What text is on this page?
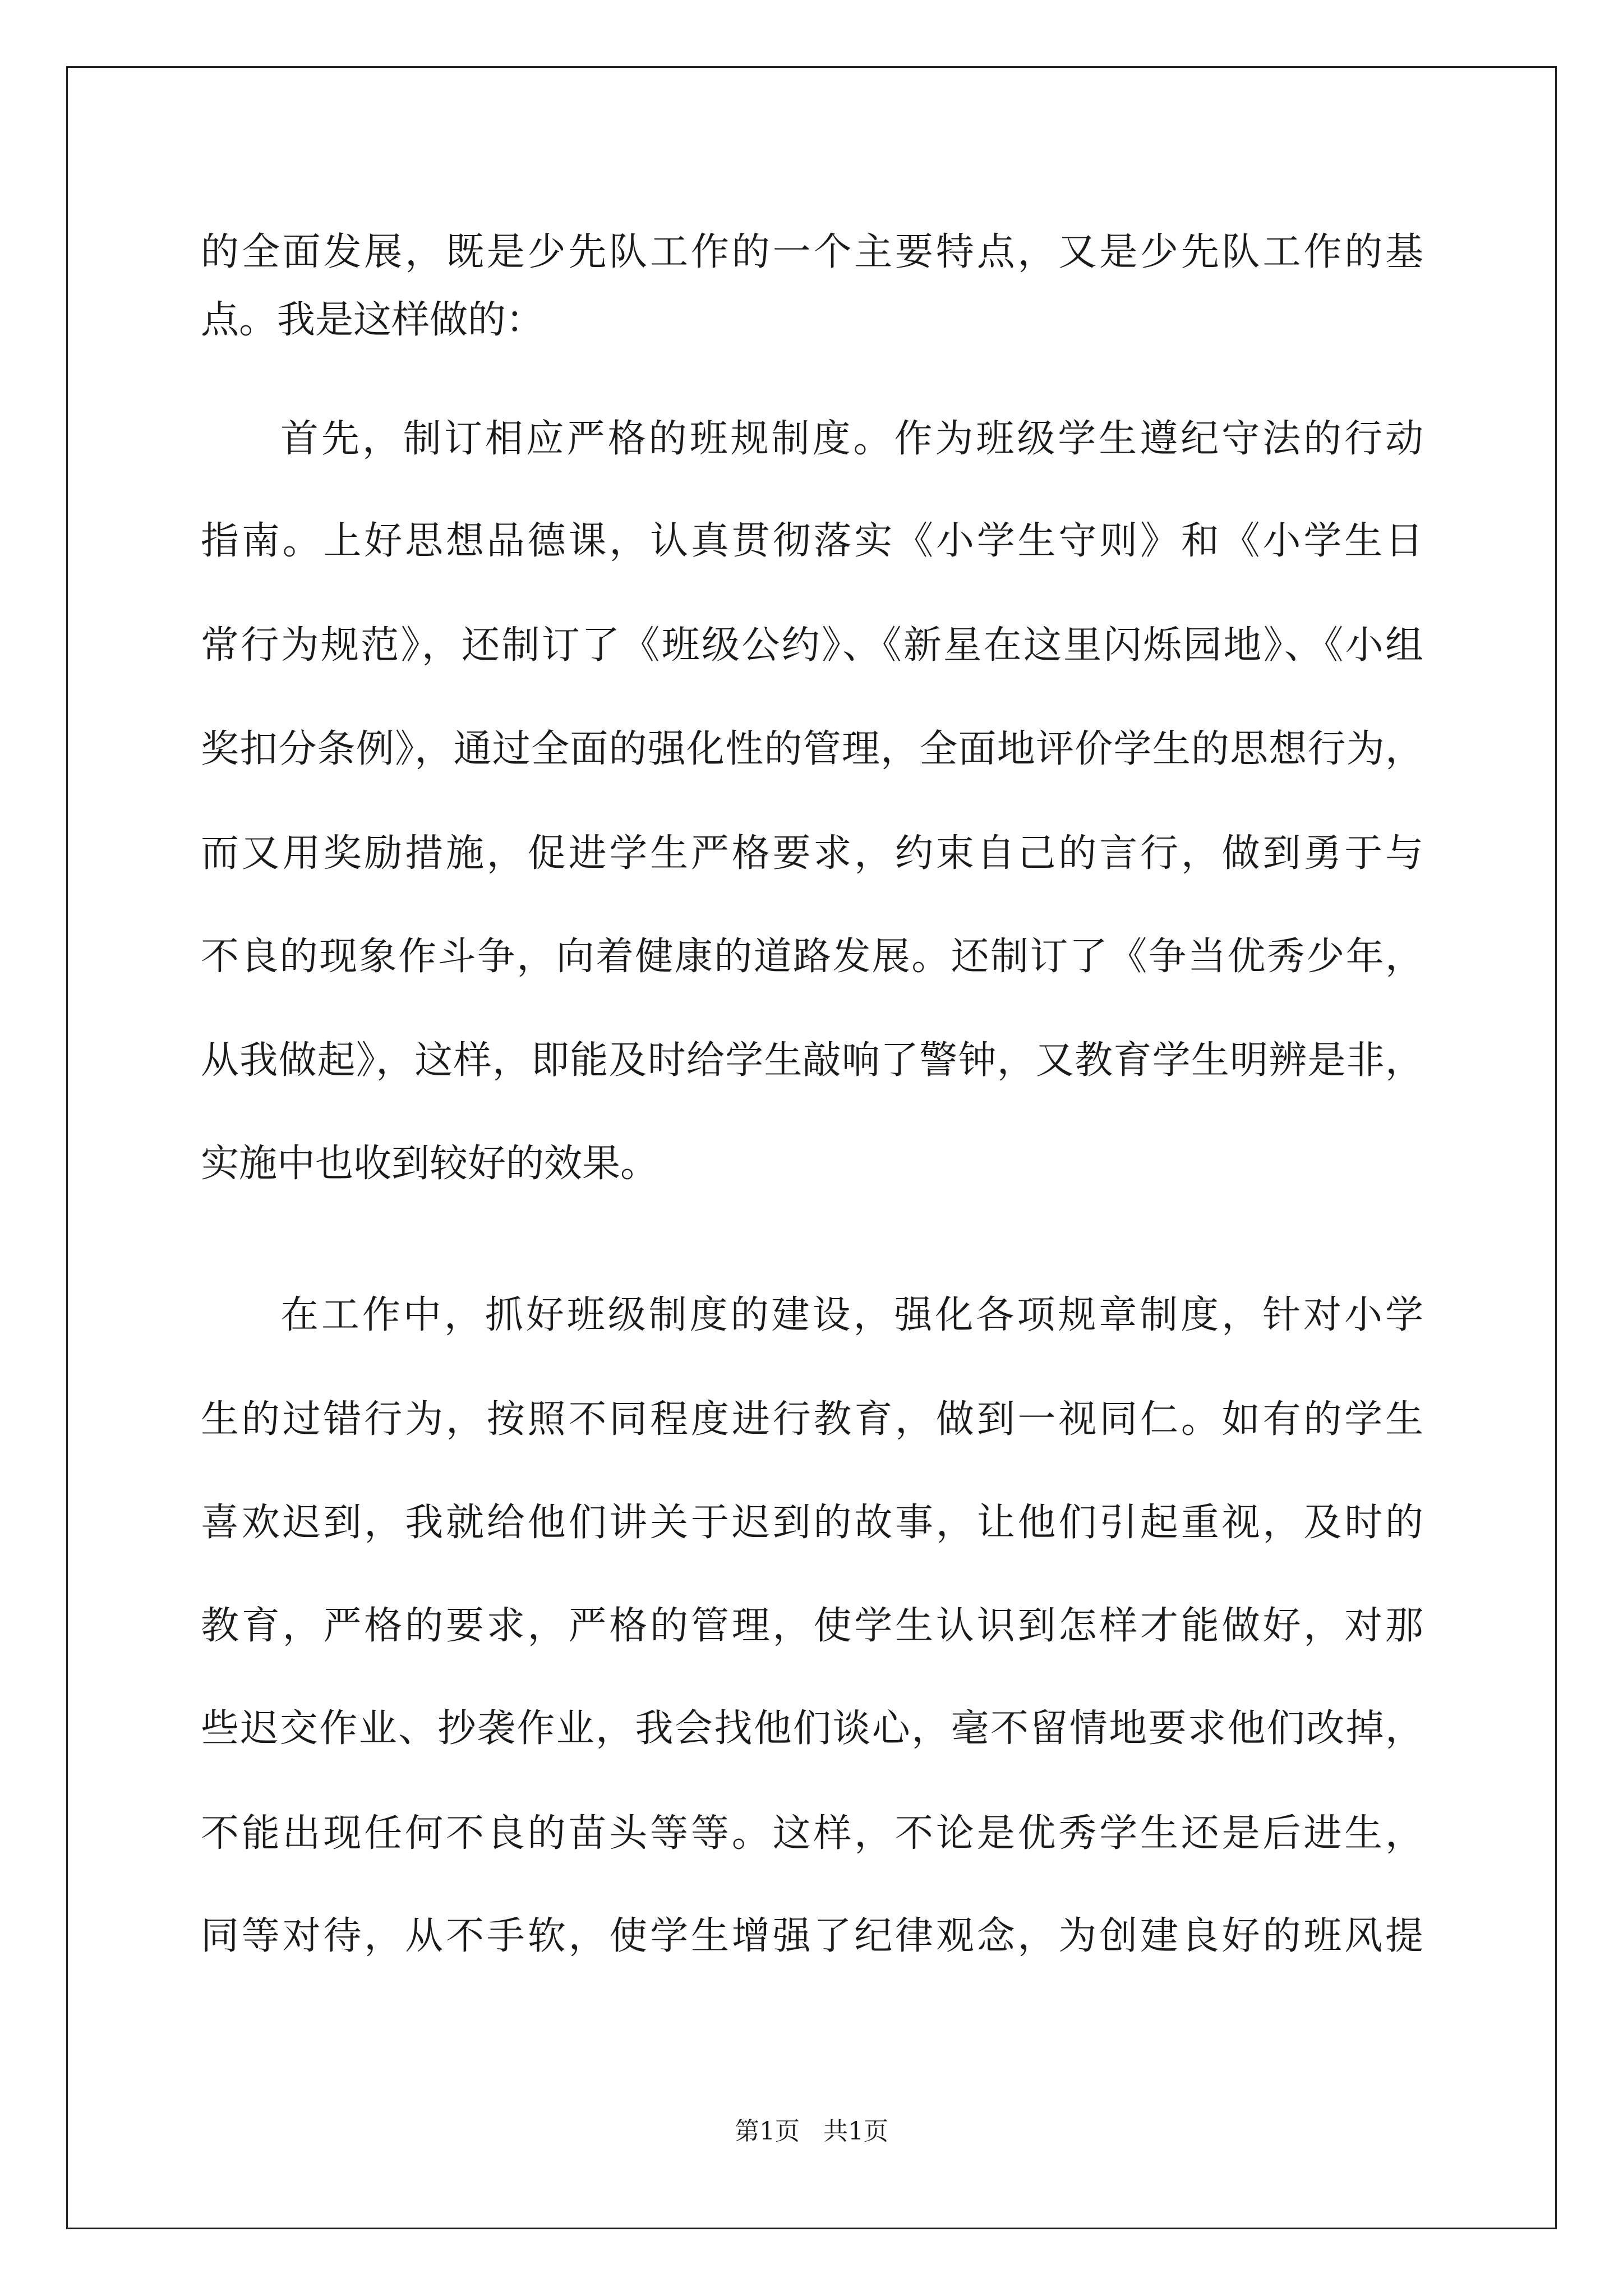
的全面发展，既是少先队工作的一个主要特点，又是少先队工作的基
点。我是这样做的：
首先，制订相应严格的班规制度。作为班级学生遵纪守法的行动
指南。上好思想品德课，认真贯彻落实《小学生守则》和《小学生日
常行为规范》，还制订了《班级公约》、《新星在这里闪烁园地》、《小组
奖扣分条例》，通过全面的强化性的管理，全面地评价学生的思想行为，
而又用奖励措施，促进学生严格要求，约束自己的言行，做到勇于与
不良的现象作斗争，向着健康的道路发展。还制订了《争当优秀少年，
从我做起》，这样，即能及时给学生敲响了警钟，又教育学生明辨是非，
实施中也收到较好的效果。
在工作中，抓好班级制度的建设，强化各项规章制度，针对小学
生的过错行为，按照不同程度进行教育，做到一视同仁。如有的学生
喜欢迟到，我就给他们讲关于迟到的故事，让他们引起重视，及时的
教育，严格的要求，严格的管理，使学生认识到怎样才能做好，对那
些迟交作业、抄袭作业，我会找他们谈心，毫不留情地要求他们改掉，
不能出现任何不良的苗头等等。这样，不论是优秀学生还是后进生，
同等对待，从不手软，使学生增强了纪律观念，为创建良好的班风提
第1页   共1页
